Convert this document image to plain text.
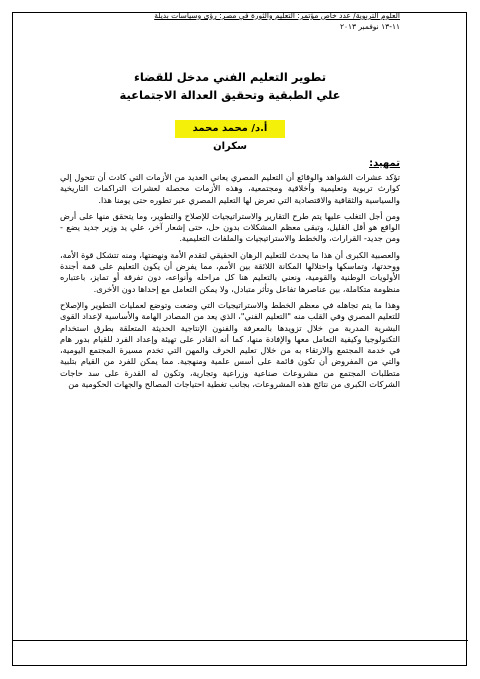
العلوم التربوية/ عدد خاص مؤتمر: التعليم والثورة في مصر: رؤى وسياسات بديلة
١١-١٣ نوفمبر ٢٠١٣
تطوير التعليم الفني مدخل للقضاء
علي الطبقية وتحقيق العدالة الاجتماعية
أ.د/ محمد محمد سكران
تمهيد:

تؤكد عشرات الشواهد والوقائع أن التعليم المصري يعاني العديد من الأزمات التي كادت أن تتحول إلي كوارث تربوية وتعليمية وأخلاقية ومجتمعية، وهذه الأزمات محصلة لعشرات التراكمات التاريخية والسياسية والثقافية والاقتصادية التي تعرض لها التعليم المصري عبر تطوره حتى يومنا هذا.

ومن أجل التغلب عليها يتم طرح التقارير والاستراتيجيات للإصلاح والتطوير، وما يتحقق منها على أرض الواقع هو أقل القليل، وتبقى معظم المشكلات بدون حل، حتى إشعار آخر، علي يد وزير جديد يضع - ومن جديد- القرارات، والخطط والاستراتيجيات والملفات التعليمية.

والعصبية الكبرى أن هذا ما يحدث للتعليم الرهان الحقيقي لتقدم الأمة ونهضتها، ومنه تتشكل قوة الأمة، ووحدتها، وتماسكها واحتلالها المكانة اللائقة بين الأمم، مما يفرض أن يكون التعليم على قمة أجندة الأولويات الوطنية والقومية، ونعني بالتعليم هنا كل مراحله وأنواعه، دون تفرقة أو تمايز، باعتباره منظومة متكاملة، بين عناصرها تفاعل وتأثر متبادل، ولا يمكن التعامل مع إحداها دون الأخرى.

وهذا ما يتم تجاهله في معظم الخطط والاستراتيجيات التي وضعت وتوضع لعمليات التطوير والإصلاح للتعليم المصري وفي القلب منه "التعليم الفني"، الذي يعد من المصادر الهامة والأساسية لإعداد القوى البشرية المدربة من خلال تزويدها بالمعرفة والفنون الإنتاجية الحديثة المتعلقة بطرق استخدام التكنولوجيا وكيفية التعامل معها والإفادة منها، كما أنه القادر على تهيئة وإعداد الفرد للقيام بدور هام في خدمة المجتمع والارتقاء به من خلال تعليم الحرف والمهن التي تخدم مسيرة المجتمع اليومية، والتي من المفروض أن تكون قائمة على أسس علمية ومنهجية. مما يمكن للفرد من القيام بتلبية متطلبات المجتمع من مشروعات صناعية وزراعية وتجارية، وتكون له القدرة على سد حاجات الشركات الكبرى من نتائج هذه المشروعات، بجانب تغطية احتياجات المصالح والجهات الحكومية من
